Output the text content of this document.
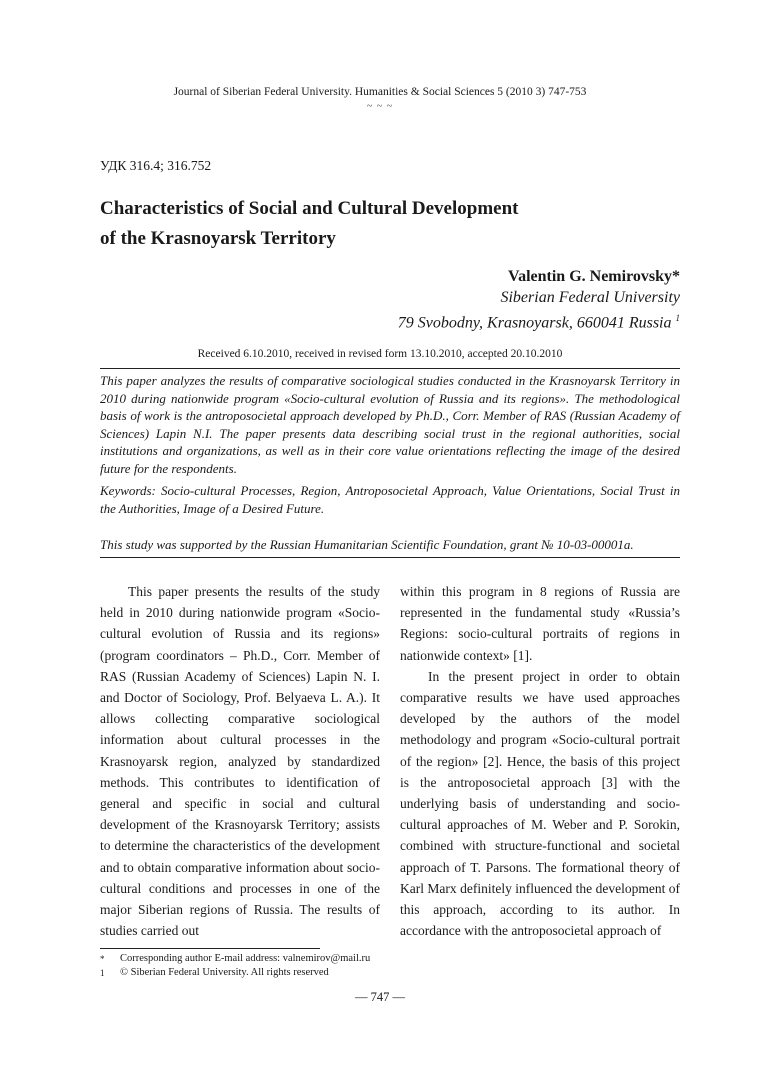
Journal of Siberian Federal University. Humanities & Social Sciences 5 (2010 3) 747-753
~ ~ ~
УДК 316.4; 316.752
Characteristics of Social and Cultural Development
of the Krasnoyarsk Territory
Valentin G. Nemirovsky*
Siberian Federal University
79 Svobodny, Krasnoyarsk, 660041 Russia $^1$
Received 6.10.2010, received in revised form 13.10.2010, accepted 20.10.2010
This paper analyzes the results of comparative sociological studies conducted in the Krasnoyarsk Territory in 2010 during nationwide program «Socio-cultural evolution of Russia and its regions». The methodological basis of work is the antroposocietal approach developed by Ph.D., Corr. Member of RAS (Russian Academy of Sciences) Lapin N.I. The paper presents data describing social trust in the regional authorities, social institutions and organizations, as well as in their core value orientations reflecting the image of the desired future for the respondents.
Keywords: Socio-cultural Processes, Region, Antroposocietal Approach, Value Orientations, Social Trust in the Authorities, Image of a Desired Future.
This study was supported by the Russian Humanitarian Scientific Foundation, grant № 10-03-00001a.

This paper presents the results of the study held in 2010 during nationwide program «Socio-cultural evolution of Russia and its regions» (program coordinators – Ph.D., Corr. Member of RAS (Russian Academy of Sciences) Lapin N. I. and Doctor of Sociology, Prof. Belyaeva L. A.). It allows collecting comparative sociological information about cultural processes in the Krasnoyarsk region, analyzed by standardized methods. This contributes to identification of general and specific in social and cultural development of the Krasnoyarsk Territory; assists to determine the characteristics of the development and to obtain comparative information about socio-cultural conditions and processes in one of the major Siberian regions of Russia. The results of studies carried out

within this program in 8 regions of Russia are represented in the fundamental study «Russia’s Regions: socio-cultural portraits of regions in nationwide context» [1].

In the present project in order to obtain comparative results we have used approaches developed by the authors of the model methodology and program «Socio-cultural portrait of the region» [2]. Hence, the basis of this project is the antroposocietal approach [3] with the underlying basis of understanding and socio-cultural approaches of M. Weber and P. Sorokin, combined with structure-functional and societal approach of T. Parsons. The formational theory of Karl Marx definitely influenced the development of this approach, according to its author. In accordance with the antroposocietal approach of

* Corresponding author E-mail address: valnemirov@mail.ru
1 © Siberian Federal University. All rights reserved
— 747 —
